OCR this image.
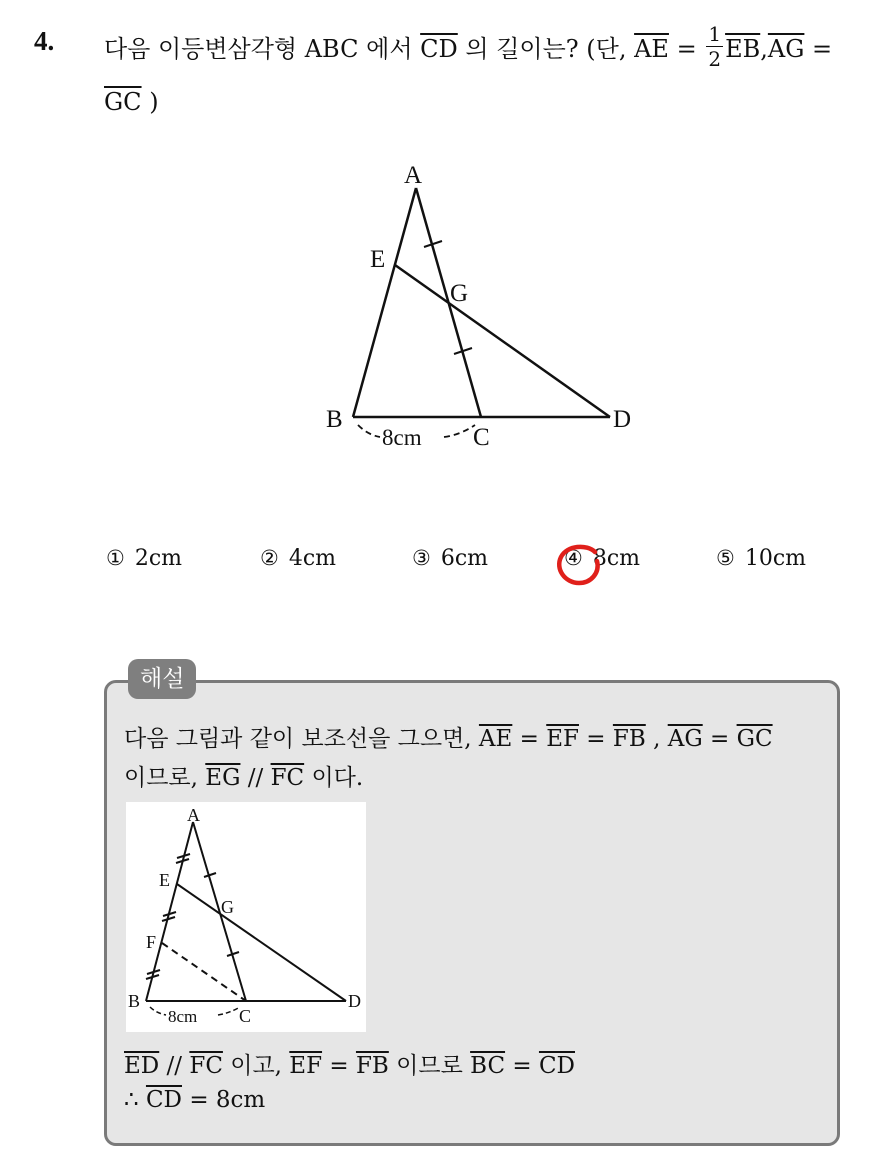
4. 다음 이등변삼각형 ABC 에서 $\overline{CD}$ 의 길이는? (단, $\overline{AE} = \frac{1}{2} \overline{EB},\overline{AG}$ =
$\overline{GC}$ )
A
E
G
B
C
D
8cm
① 2cm	② 4cm	③ 6cm	④ 8cm	⑤ 10cm
해설
다음 그림과 같이 보조선을 그으면, $\overline{AE} = \overline{EF} = \overline{FB}$ , $\overline{AG} = \overline{GC}$
이므로, $\overline{EG} // \overline{FC}$ 이다.
A
E
G
F
B
C
D
8cm
$\overline{ED} // \overline{FC}$ 이고, $\overline{EF} = \overline{FB}$ 이므로 $\overline{BC} = \overline{CD}$
∴ $\overline{CD} = 8cm$
